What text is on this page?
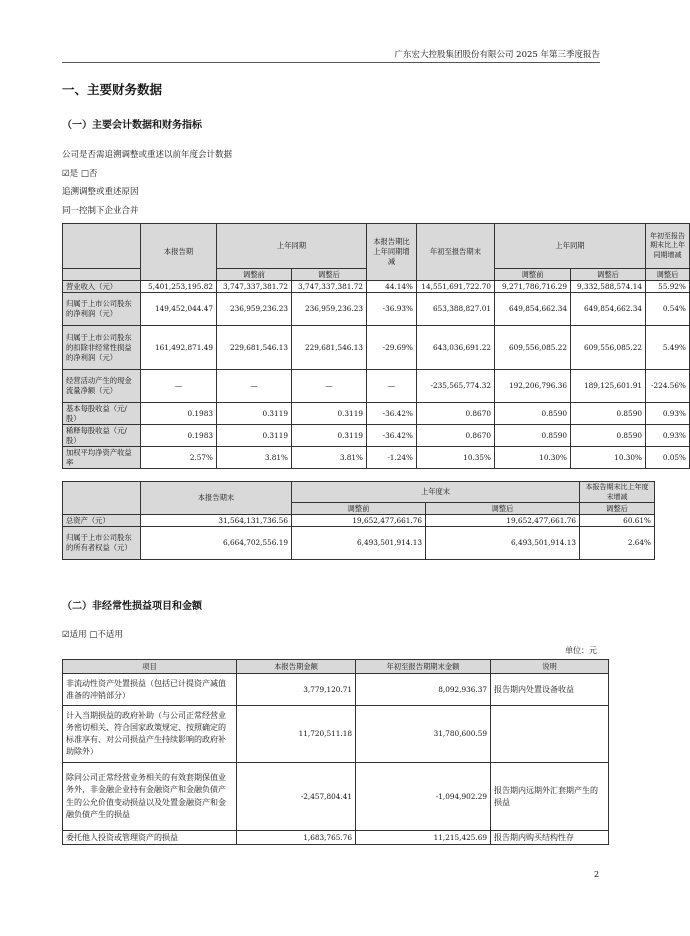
广东宏大控股集团股份有限公司 2025 年第三季度报告
一、主要财务数据
（一）主要会计数据和财务指标
公司是否需追溯调整或重述以前年度会计数据
☑是 □否
追溯调整或重述原因
同一控制下企业合并
	本报告期	上年同期		本报告期比上年同期增减	年初至报告期末	上年同期		年初至报告期末比上年同期增减
		调整前	调整后			调整前	调整后	调整后
营业收入（元）	5,401,253,195.82	3,747,337,381.72	3,747,337,381.72	44.14%	14,551,691,722.70	9,271,786,716.29	9,332,588,574.14	55.92%
归属于上市公司股东的净利润（元）	149,452,044.47	236,959,236.23	236,959,236.23	-36.93%	653,388,827.01	649,854,662.34	649,854,662.34	0.54%
归属于上市公司股东的扣除非经常性损益的净利润（元）	161,492,871.49	229,681,546.13	229,681,546.13	-29.69%	643,036,691.22	609,556,085.22	609,556,085.22	5.49%
经营活动产生的现金流量净额（元）	—	—	—	—	-235,565,774.32	192,206,796.36	189,125,601.91	-224.56%
基本每股收益（元/股）	0.1983	0.3119	0.3119	-36.42%	0.8670	0.8590	0.8590	0.93%
稀释每股收益（元/股）	0.1983	0.3119	0.3119	-36.42%	0.8670	0.8590	0.8590	0.93%
加权平均净资产收益率	2.57%	3.81%	3.81%	-1.24%	10.35%	10.30%	10.30%	0.05%
	本报告期末	上年度末		本报告期末比上年度末增减
		调整前	调整后	调整后
总资产（元）	31,564,131,736.56	19,652,477,661.76	19,652,477,661.76	60.61%
归属于上市公司股东的所有者权益（元）	6,664,702,556.19	6,493,501,914.13	6,493,501,914.13	2.64%
（二）非经常性损益项目和金额
☑适用 □不适用
单位：元
项目	本报告期金额	年初至报告期期末金额	说明
非流动性资产处置损益（包括已计提资产减值准备的冲销部分）	3,779,120.71	8,092,936.37	报告期内处置设备收益
计入当期损益的政府补助（与公司正常经营业务密切相关、符合国家政策规定、按照确定的标准享有、对公司损益产生持续影响的政府补助除外）	11,720,511.18	31,780,600.59	
除同公司正常经营业务相关的有效套期保值业务外，非金融企业持有金融资产和金融负债产生的公允价值变动损益以及处置金融资产和金融负债产生的损益	-2,457,804.41	-1,094,902.29	报告期内远期外汇套期产生的损益
委托他人投资或管理资产的损益	1,683,765.76	11,215,425.69	报告期内购买结构性存
2
